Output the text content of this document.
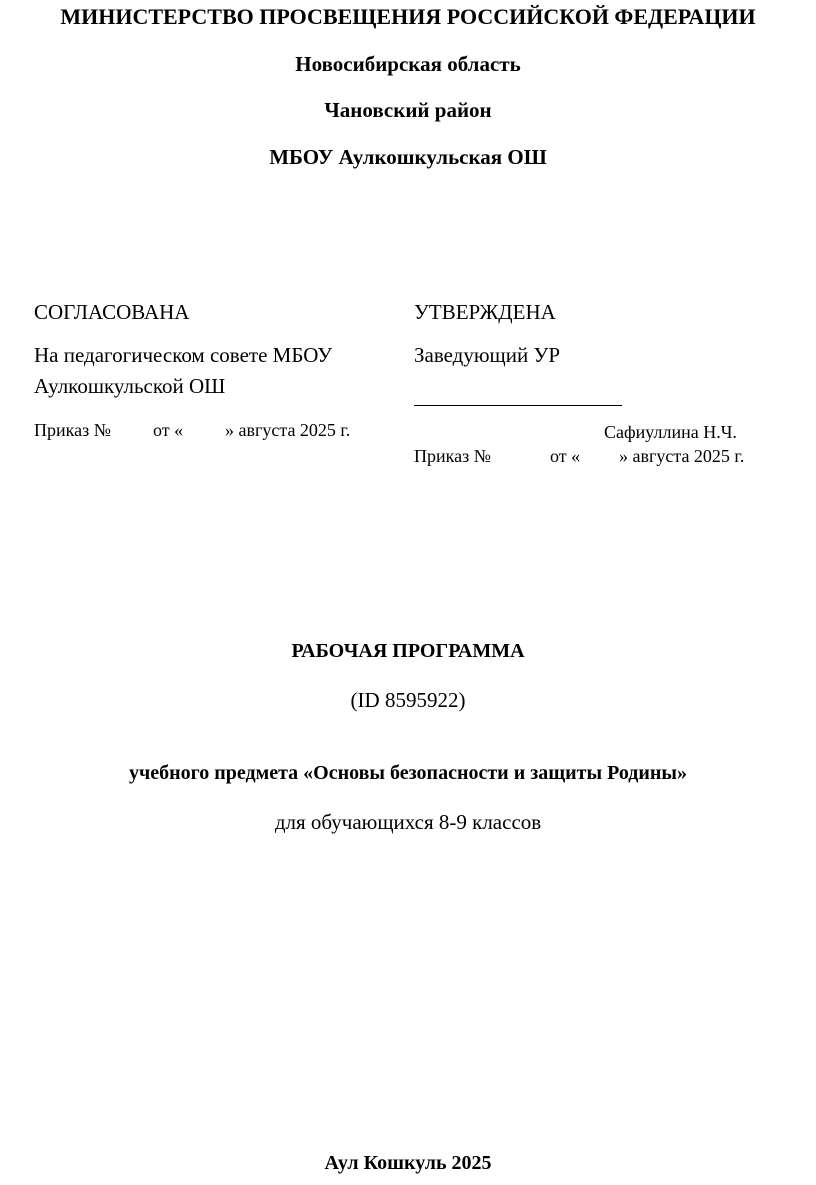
МИНИСТЕРСТВО ПРОСВЕЩЕНИЯ РОССИЙСКОЙ ФЕДЕРАЦИИ
Новосибирская область
Чановский район
МБОУ Аулкошкульская ОШ
СОГЛАСОВАНА
На педагогическом совете МБОУ
Аулкошкульской ОШ
Приказ № от « » августа 2025 г.
УТВЕРЖДЕНА
Заведующий УР
Сафиуллина Н.Ч.
Приказ №	от « » августа 2025 г.
РАБОЧАЯ ПРОГРАММА
(ID 8595922)
учебного предмета «Основы безопасности и защиты Родины»
для обучающихся 8-9 классов
Аул Кошкуль 2025
